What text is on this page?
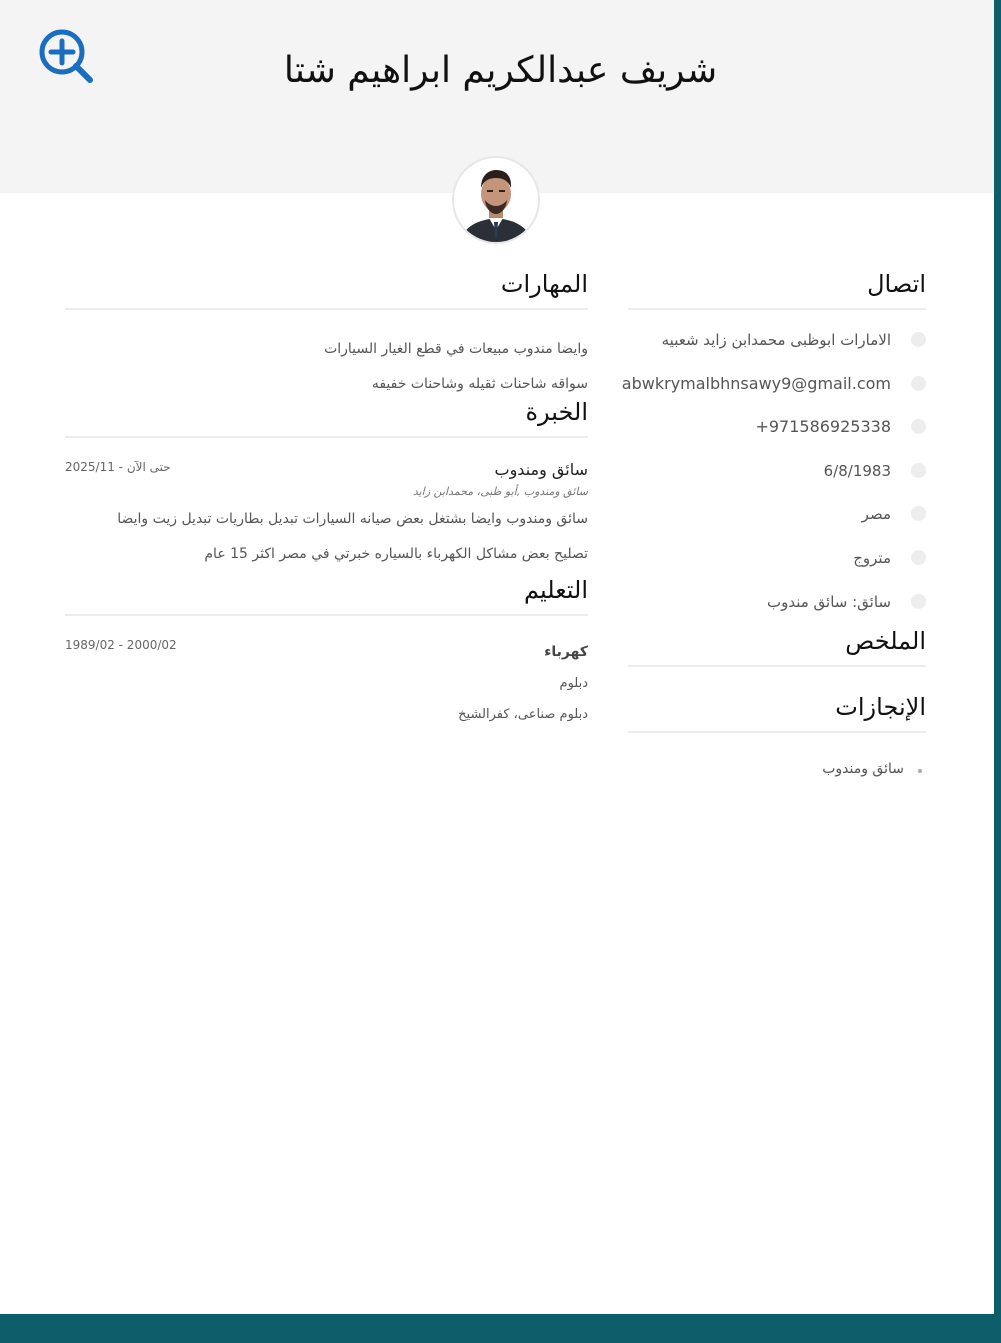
شريف عبدالكريم ابراهيم شتا
اتصال
الامارات ابوظبى محمدابن زايد شعبيه
abwkrymalbhnsawy9@gmail.com
+971586925338
6/8/1983
مصر
متروج
سائق: سائق مندوب
الملخص
الإنجازات
سائق ومندوب
المهارات

وايضا مندوب مبيعات في قطع الغيار السيارات

سواقه شاحنات ثقيله وشاحنات خفيفه

الخبرة
2025/11 - حتى الآن	سائق ومندوب

سائق ومندوب ,أبو ظبى، محمدابن زايد

سائق ومندوب وايضا بشتغل بعض صيانه السيارات تبديل بطاريات تبديل زيت وايضا
تصليح بعض مشاكل الكهرباء بالسياره خبرتي في مصر اكثر 15 عام

التعليم
1989/02 - 2000/02	كهرباء

دبلوم

دبلوم صناعى، كفرالشيخ
